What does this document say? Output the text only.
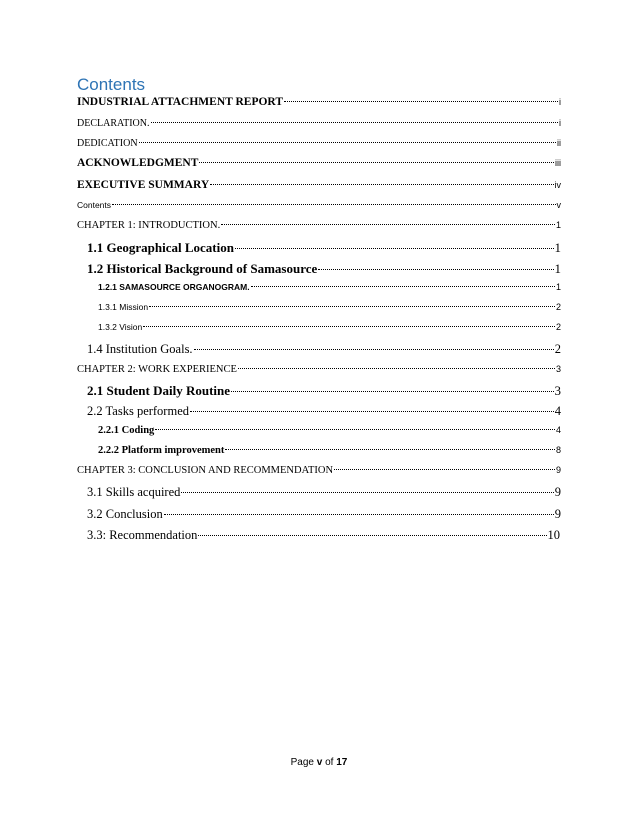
Contents
INDUSTRIAL ATTACHMENT REPORT	i
DECLARATION.	i
DEDICATION	ii
ACKNOWLEDGMENT	iii
EXECUTIVE SUMMARY	iv
Contents	v
CHAPTER 1: INTRODUCTION.	1
1.1 Geographical Location	1
1.2 Historical Background of Samasource	1
1.2.1 SAMASOURCE ORGANOGRAM.	1
1.3.1 Mission	2
1.3.2 Vision	2
1.4 Institution Goals.	2
CHAPTER 2: WORK EXPERIENCE	3
2.1 Student Daily Routine	3
2.2 Tasks performed	4
2.2.1 Coding	4
2.2.2 Platform improvement	8
CHAPTER 3: CONCLUSION AND RECOMMENDATION	9
3.1 Skills acquired	9
3.2 Conclusion	9
3.3: Recommendation	10
Page v of 17
